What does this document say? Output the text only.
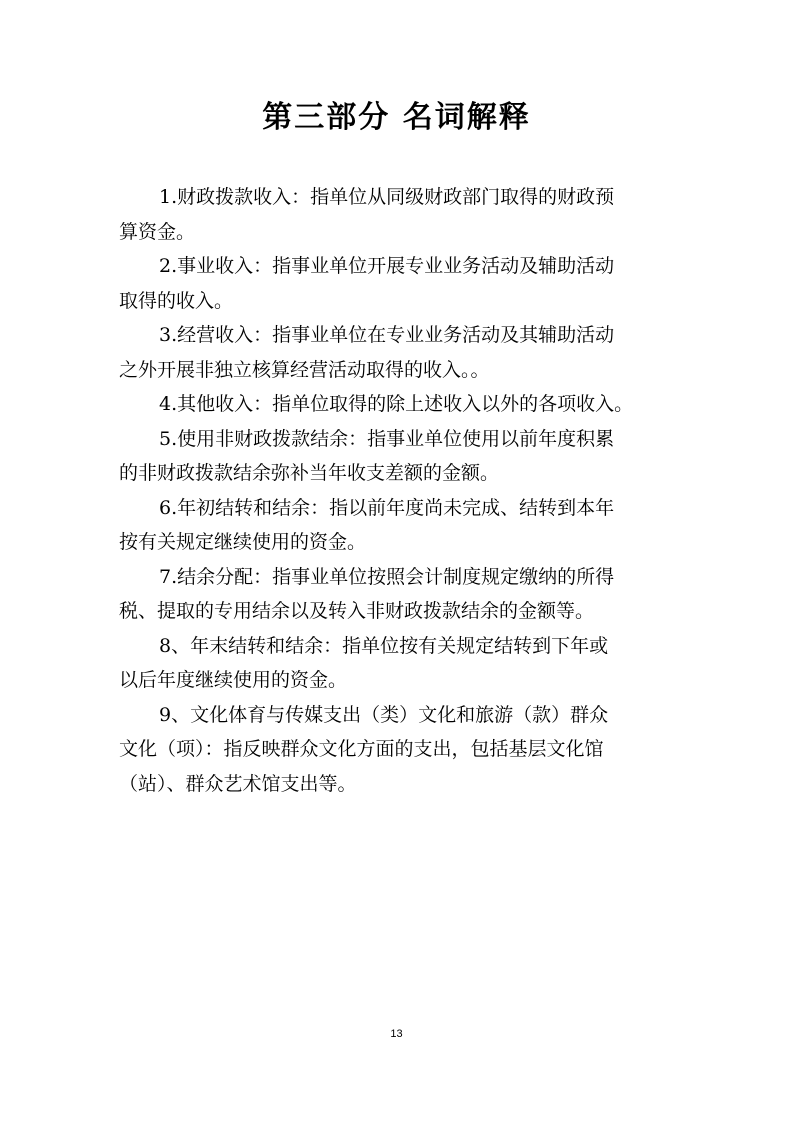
第三部分 名词解释
1.财政拨款收入：指单位从同级财政部门取得的财政预
算资金。
2.事业收入：指事业单位开展专业业务活动及辅助活动
取得的收入。
3.经营收入：指事业单位在专业业务活动及其辅助活动
之外开展非独立核算经营活动取得的收入。。
4.其他收入：指单位取得的除上述收入以外的各项收入。
5.使用非财政拨款结余：指事业单位使用以前年度积累
的非财政拨款结余弥补当年收支差额的金额。
6.年初结转和结余：指以前年度尚未完成、结转到本年
按有关规定继续使用的资金。
7.结余分配：指事业单位按照会计制度规定缴纳的所得
税、提取的专用结余以及转入非财政拨款结余的金额等。
8、年末结转和结余：指单位按有关规定结转到下年或
以后年度继续使用的资金。
9、文化体育与传媒支出（类）文化和旅游（款）群众
文化（项）：指反映群众文化方面的支出，包括基层文化馆
（站）、群众艺术馆支出等。
13
